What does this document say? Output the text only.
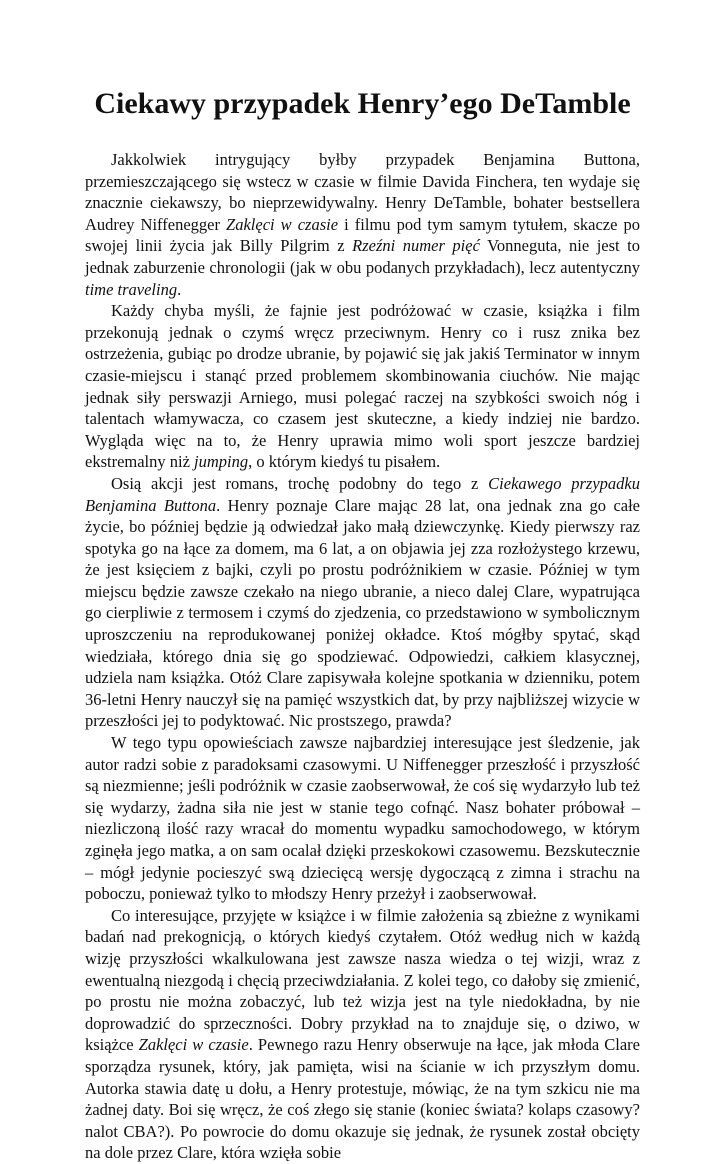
Ciekawy przypadek Henry’ego DeTamble

Jakkolwiek intrygujący byłby przypadek Benjamina Buttona, przemieszczającego się wstecz w czasie w filmie Davida Finchera, ten wydaje się znacznie ciekawszy, bo nieprzewidywalny. Henry DeTamble, bohater bestsellera Audrey Niffenegger Zaklęci w czasie i filmu pod tym samym tytułem, skacze po swojej linii życia jak Billy Pilgrim z Rzeźni numer pięć Vonneguta, nie jest to jednak zaburzenie chronologii (jak w obu podanych przykładach), lecz autentyczny time traveling.

Każdy chyba myśli, że fajnie jest podróżować w czasie, książka i film przekonują jednak o czymś wręcz przeciwnym. Henry co i rusz znika bez ostrzeżenia, gubiąc po drodze ubranie, by pojawić się jak jakiś Terminator w innym czasie-miejscu i stanąć przed problemem skombinowania ciuchów. Nie mając jednak siły perswazji Arniego, musi polegać raczej na szybkości swoich nóg i talentach włamywacza, co czasem jest skuteczne, a kiedy indziej nie bardzo. Wygląda więc na to, że Henry uprawia mimo woli sport jeszcze bardziej ekstremalny niż jumping, o którym kiedyś tu pisałem.

Osią akcji jest romans, trochę podobny do tego z Ciekawego przypadku Benjamina Buttona. Henry poznaje Clare mając 28 lat, ona jednak zna go całe życie, bo później będzie ją odwiedzał jako małą dziewczynkę. Kiedy pierwszy raz spotyka go na łące za domem, ma 6 lat, a on objawia jej zza rozłożystego krzewu, że jest księciem z bajki, czyli po prostu podróżnikiem w czasie. Później w tym miejscu będzie zawsze czekało na niego ubranie, a nieco dalej Clare, wypatrująca go cierpliwie z termosem i czymś do zjedzenia, co przedstawiono w symbolicznym uproszczeniu na reprodukowanej poniżej okładce. Ktoś mógłby spytać, skąd wiedziała, którego dnia się go spodziewać. Odpowiedzi, całkiem klasycznej, udziela nam książka. Otóż Clare zapisywała kolejne spotkania w dzienniku, potem 36-letni Henry nauczył się na pamięć wszystkich dat, by przy najbliższej wizycie w przeszłości jej to podyktować. Nic prostszego, prawda?

W tego typu opowieściach zawsze najbardziej interesujące jest śledzenie, jak autor radzi sobie z paradoksami czasowymi. U Niffenegger przeszłość i przyszłość są niezmienne; jeśli podróżnik w czasie zaobserwował, że coś się wydarzyło lub też się wydarzy, żadna siła nie jest w stanie tego cofnąć. Nasz bohater próbował – niezliczoną ilość razy wracał do momentu wypadku samochodowego, w którym zginęła jego matka, a on sam ocalał dzięki przeskokowi czasowemu. Bezskutecznie – mógł jedynie pocieszyć swą dziecięcą wersję dygoczącą z zimna i strachu na poboczu, ponieważ tylko to młodszy Henry przeżył i zaobserwował.

Co interesujące, przyjęte w książce i w filmie założenia są zbieżne z wynikami badań nad prekognicją, o których kiedyś czytałem. Otóż według nich w każdą wizję przyszłości wkalkulowana jest zawsze nasza wiedza o tej wizji, wraz z ewentualną niezgodą i chęcią przeciwdziałania. Z kolei tego, co dałoby się zmienić, po prostu nie można zobaczyć, lub też wizja jest na tyle niedokładna, by nie doprowadzić do sprzeczności. Dobry przykład na to znajduje się, o dziwo, w książce Zaklęci w czasie. Pewnego razu Henry obserwuje na łące, jak młoda Clare sporządza rysunek, który, jak pamięta, wisi na ścianie w ich przyszłym domu. Autorka stawia datę u dołu, a Henry protestuje, mówiąc, że na tym szkicu nie ma żadnej daty. Boi się wręcz, że coś złego się stanie (koniec świata? kolaps czasowy? nalot CBA?). Po powrocie do domu okazuje się jednak, że rysunek został obcięty na dole przez Clare, która wzięła sobie
